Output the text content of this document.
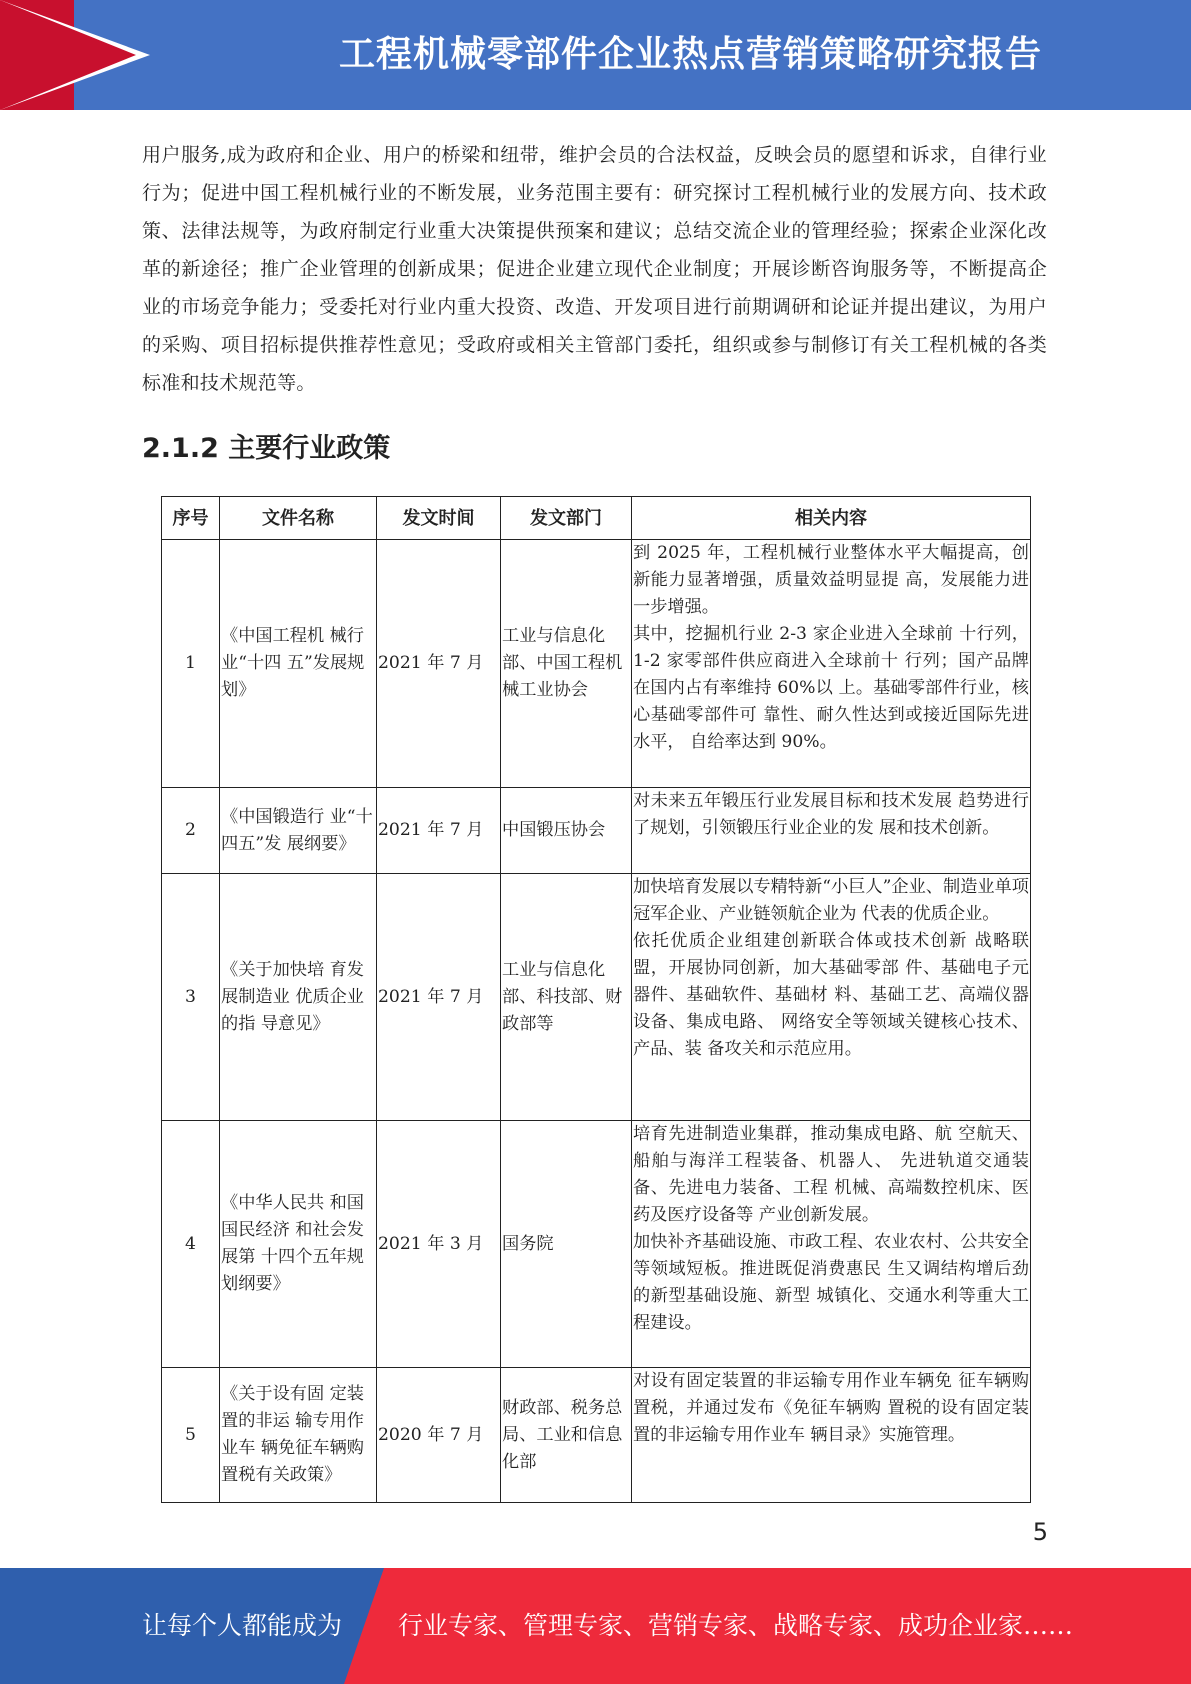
工程机械零部件企业热点营销策略研究报告
用户服务,成为政府和企业、用户的桥梁和纽带，维护会员的合法权益，反映会员的愿望和诉求，自律行业行为；促进中国工程机械行业的不断发展，业务范围主要有：研究探讨工程机械行业的发展方向、技术政策、法律法规等，为政府制定行业重大决策提供预案和建议；总结交流企业的管理经验；探索企业深化改革的新途径；推广企业管理的创新成果；促进企业建立现代企业制度；开展诊断咨询服务等，不断提高企业的市场竞争能力；受委托对行业内重大投资、改造、开发项目进行前期调研和论证并提出建议，为用户的采购、项目招标提供推荐性意见；受政府或相关主管部门委托，组织或参与制修订有关工程机械的各类标准和技术规范等。
2.1.2 主要行业政策
序号	文件名称	发文时间	发文部门	相关内容
1	《中国工程机 械行业“十四 五”发展规划》	2021 年 7 月	工业与信息化部、中国工程机械工业协会	到 2025 年，工程机械行业整体水平大幅提高，创新能力显著增强，质量效益明显提 高，发展能力进一步增强。
其中，挖掘机行业 2-3 家企业进入全球前 十行列，1-2 家零部件供应商进入全球前十 行列；国产品牌在国内占有率维持 60%以 上。基础零部件行业，核心基础零部件可 靠性、耐久性达到或接近国际先进水平， 自给率达到 90%。

2	《中国锻造行 业“十四五”发 展纲要》	2021 年 7 月	中国锻压协会	对未来五年锻压行业发展目标和技术发展 趋势进行了规划，引领锻压行业企业的发 展和技术创新。

3	《关于加快培 育发展制造业 优质企业的指 导意见》	2021 年 7 月	工业与信息化部、科技部、财政部等	加快培育发展以专精特新“小巨人”企业、制造业单项冠军企业、产业链领航企业为 代表的优质企业。
依托优质企业组建创新联合体或技术创新 战略联盟，开展协同创新，加大基础零部 件、基础电子元器件、基础软件、基础材 料、基础工艺、高端仪器设备、集成电路、 网络安全等领域关键核心技术、产品、装 备攻关和示范应用。

4	《中华人民共 和国国民经济 和社会发展第 十四个五年规 划纲要》	2021 年 3 月	国务院	培育先进制造业集群，推动集成电路、航 空航天、船舶与海洋工程装备、机器人、 先进轨道交通装备、先进电力装备、工程 机械、高端数控机床、医药及医疗设备等 产业创新发展。
加快补齐基础设施、市政工程、农业农村、公共安全等领域短板。推进既促消费惠民 生又调结构增后劲的新型基础设施、新型 城镇化、交通水利等重大工程建设。

5	《关于设有固 定装置的非运 输专用作业车 辆免征车辆购 置税有关政策》	2020 年 7 月	财政部、税务总局、工业和信息化部	对设有固定装置的非运输专用作业车辆免 征车辆购置税，并通过发布《免征车辆购 置税的设有固定装置的非运输专用作业车 辆目录》实施管理。
5
让每个人都能成为 行业专家、管理专家、营销专家、战略专家、成功企业家……
